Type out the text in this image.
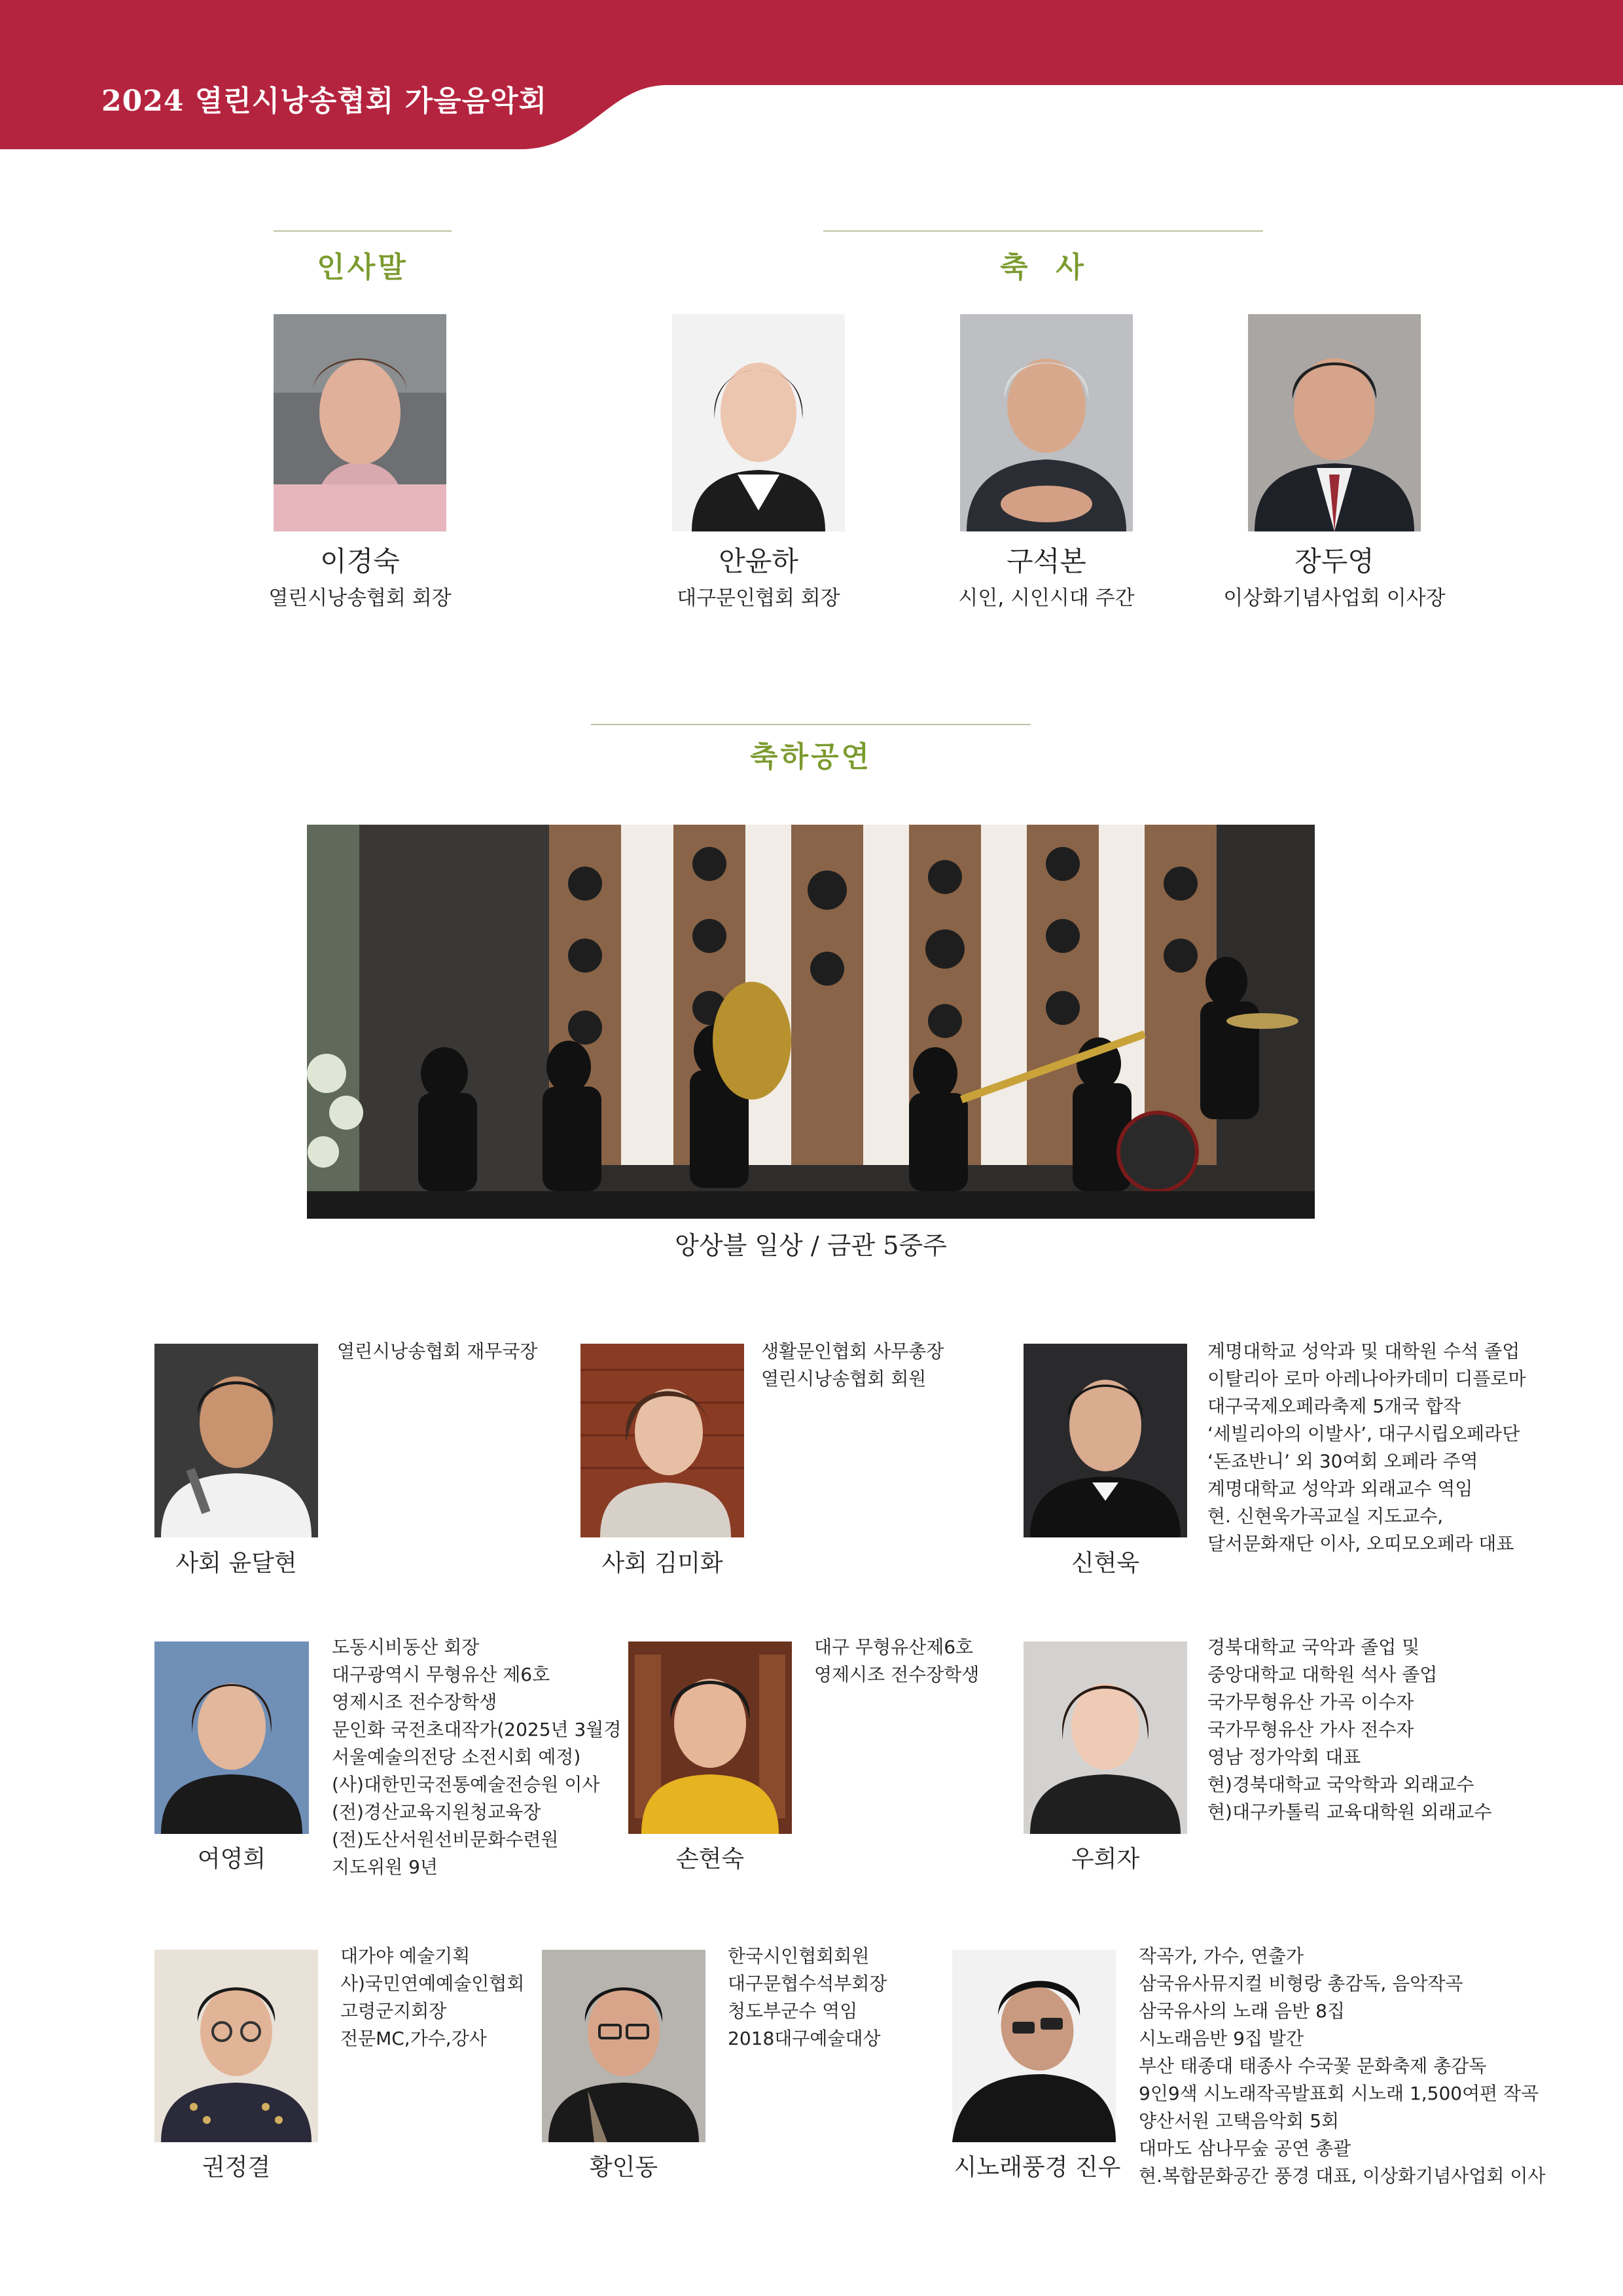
2024 열린시낭송협회 가을음악회
인사말	축  사
이경숙
열린시낭송협회 회장
안윤하
대구문인협회 회장
구석본
시인, 시인시대 주간
장두영
이상화기념사업회 이사장
축하공연
앙상블 일상 / 금관 5중주
사회 윤달현
열린시낭송협회 재무국장
사회 김미화
생활문인협회 사무총장
열린시낭송협회 회원
신현욱
계명대학교 성악과 및 대학원 수석 졸업
이탈리아 로마 아레나아카데미 디플로마
대구국제오페라축제 5개국 합작
‘세빌리아의 이발사’, 대구시립오페라단
‘돈죠반니’ 외 30여회 오페라 주역
계명대학교 성악과 외래교수 역임
현. 신현욱가곡교실 지도교수,
달서문화재단 이사, 오띠모오페라 대표
여영희
도동시비동산 회장
대구광역시 무형유산 제6호
영제시조 전수장학생
문인화 국전초대작가(2025년 3월경
서울예술의전당 소전시회 예정)
(사)대한민국전통예술전승원 이사
(전)경산교육지원청교육장
(전)도산서원선비문화수련원
지도위원 9년	손현숙
대구 무형유산제6호
영제시조 전수장학생
우희자
경북대학교 국악과 졸업 및
중앙대학교 대학원 석사 졸업
국가무형유산 가곡 이수자
국가무형유산 가사 전수자
영남 정가악회 대표
현)경북대학교 국악학과 외래교수
현)대구카톨릭 교육대학원 외래교수
권정결
대가야 예술기획
사)국민연예예술인협회
고령군지회장
전문MC,가수,강사
황인동
한국시인협회회원
대구문협수석부회장
청도부군수 역임
2018대구예술대상
시노래풍경 진우
작곡가, 가수, 연출가
삼국유사뮤지컬 비형랑 총감독, 음악작곡
삼국유사의 노래 음반 8집
시노래음반 9집 발간
부산 태종대 태종사 수국꽃 문화축제 총감독
9인9색 시노래작곡발표회 시노래 1,500여편 작곡
양산서원 고택음악회 5회
대마도 삼나무숲 공연 총괄
현.복합문화공간 풍경 대표, 이상화기념사업회 이사
